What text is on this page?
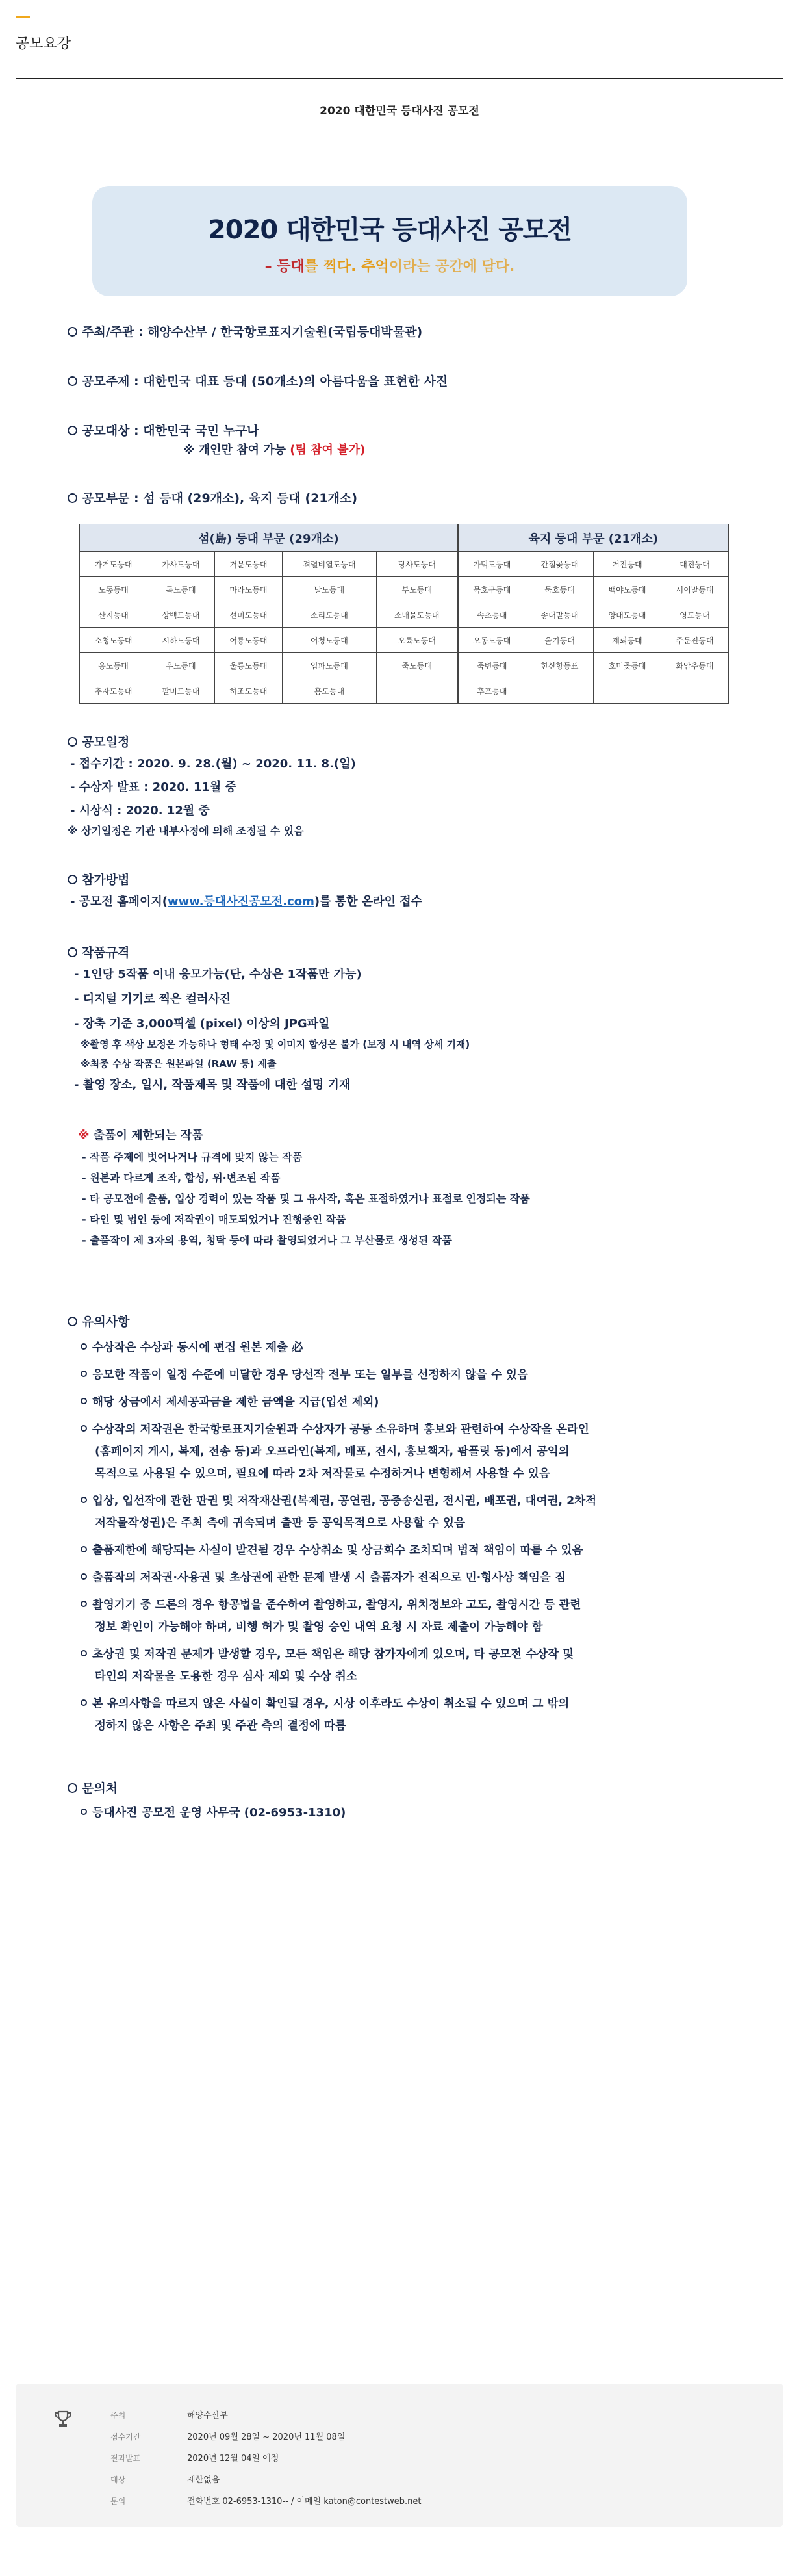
공모요강
2020 대한민국 등대사진 공모전
2020 대한민국 등대사진 공모전
– 등대를 찍다. 추억이라는 공간에 담다.
주최/주관 : 해양수산부 / 한국항로표지기술원(국립등대박물관)
공모주제 : 대한민국 대표 등대 (50개소)의 아름다움을 표현한 사진
공모대상 : 대한민국 국민 누구나
※ 개인만 참여 가능 (팀 참여 불가)
공모부문 : 섬 등대 (29개소), 육지 등대 (21개소)
섬(島) 등대 부문 (29개소)					육지 등대 부문 (21개소)			
가거도등대	가사도등대	거문도등대	격렬비열도등대	당사도등대	가덕도등대	간절곶등대	거진등대	대진등대
도동등대	독도등대	마라도등대	말도등대	부도등대	묵호구등대	묵호등대	백야도등대	서이말등대
산지등대	상백도등대	선미도등대	소리도등대	소매물도등대	속초등대	송대말등대	양대도등대	영도등대
소청도등대	시하도등대	어룡도등대	어청도등대	오륙도등대	오동도등대	울기등대	제뢰등대	주문진등대
옹도등대	우도등대	울릉도등대	입파도등대	죽도등대	죽변등대	한산항등표	호미곶등대	화암추등대
추자도등대	팔미도등대	하조도등대	홍도등대		후포등대			
공모일정
- 접수기간 : 2020. 9. 28.(월) ~ 2020. 11. 8.(일)
- 수상자 발표 : 2020. 11월 중
- 시상식 : 2020. 12월 중
※ 상기일정은 기관 내부사정에 의해 조정될 수 있음
참가방법
- 공모전 홈페이지(www.등대사진공모전.com)를 통한 온라인 접수
작품규격
- 1인당 5작품 이내 응모가능(단, 수상은 1작품만 가능)
- 디지털 기기로 찍은 컬러사진
- 장축 기준 3,000픽셀 (pixel) 이상의 JPG파일
※촬영 후 색상 보정은 가능하나 형태 수정 및 이미지 합성은 불가 (보정 시 내역 상세 기재)
※최종 수상 작품은 원본파일 (RAW 등) 제출
- 촬영 장소, 일시, 작품제목 및 작품에 대한 설명 기재
※ 출품이 제한되는 작품
- 작품 주제에 벗어나거나 규격에 맞지 않는 작품
- 원본과 다르게 조작, 합성, 위·변조된 작품
- 타 공모전에 출품, 입상 경력이 있는 작품 및 그 유사작, 혹은 표절하였거나 표절로 인정되는 작품
- 타인 및 법인 등에 저작권이 매도되었거나 진행중인 작품
- 출품작이 제 3자의 용역, 청탁 등에 따라 촬영되었거나 그 부산물로 생성된 작품
유의사항
수상작은 수상과 동시에 편집 원본 제출 必
응모한 작품이 일정 수준에 미달한 경우 당선작 전부 또는 일부를 선정하지 않을 수 있음
해당 상금에서 제세공과금을 제한 금액을 지급(입선 제외)
수상작의 저작권은 한국항로표지기술원과 수상자가 공동 소유하며 홍보와 관련하여 수상작을 온라인
(홈페이지 게시, 복제, 전송 등)과 오프라인(복제, 배포, 전시, 홍보책자, 팜플릿 등)에서 공익의
목적으로 사용될 수 있으며, 필요에 따라 2차 저작물로 수정하거나 변형해서 사용할 수 있음
입상, 입선작에 관한 판권 및 저작재산권(복제권, 공연권, 공중송신권, 전시권, 배포권, 대여권, 2차적
저작물작성권)은 주최 측에 귀속되며 출판 등 공익목적으로 사용할 수 있음
출품제한에 해당되는 사실이 발견될 경우 수상취소 및 상금회수 조치되며 법적 책임이 따를 수 있음
출품작의 저작권·사용권 및 초상권에 관한 문제 발생 시 출품자가 전적으로 민·형사상 책임을 짐
촬영기기 중 드론의 경우 항공법을 준수하여 촬영하고, 촬영지, 위치정보와 고도, 촬영시간 등 관련
정보 확인이 가능해야 하며, 비행 허가 및 촬영 승인 내역 요청 시 자료 제출이 가능해야 함
초상권 및 저작권 문제가 발생할 경우, 모든 책임은 해당 참가자에게 있으며, 타 공모전 수상작 및
타인의 저작물을 도용한 경우 심사 제외 및 수상 취소
본 유의사항을 따르지 않은 사실이 확인될 경우, 시상 이후라도 수상이 취소될 수 있으며 그 밖의
정하지 않은 사항은 주최 및 주관 측의 결정에 따름
문의처
등대사진 공모전 운영 사무국 (02-6953-1310)
주최	해양수산부
접수기간	2020년 09월 28일 ~ 2020년 11월 08일
결과발표	2020년 12월 04일 예정
대상	제한없음
문의	전화번호 02-6953-1310-- / 이메일 katon@contestweb.net
